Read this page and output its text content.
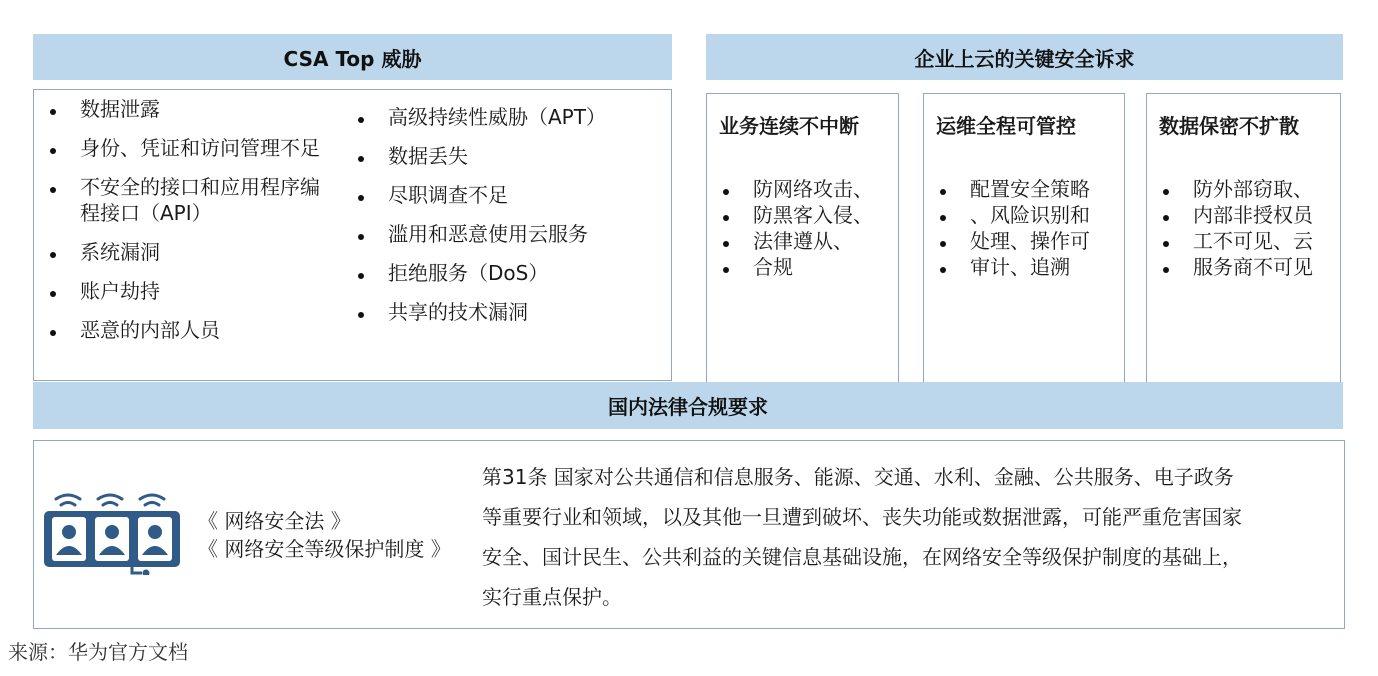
CSA Top 威胁
数据泄露
身份、凭证和访问管理不足
不安全的接口和应用程序编程接口（API）
系统漏洞
账户劫持
恶意的内部人员
高级持续性威胁（APT）
数据丢失
尽职调查不足
滥用和恶意使用云服务
拒绝服务（DoS）
共享的技术漏洞
企业上云的关键安全诉求
业务连续不中断
防网络攻击、
防黑客入侵、
法律遵从、
合规
运维全程可管控
配置安全策略
、风险识别和
处理、操作可
审计、追溯
数据保密不扩散
防外部窃取、
内部非授权员
工不可见、云
服务商不可见
国内法律合规要求
《 网络安全法 》
《 网络安全等级保护制度 》
第31条 国家对公共通信和信息服务、能源、交通、水利、金融、公共服务、电子政务
等重要行业和领域，以及其他一旦遭到破坏、丧失功能或数据泄露，可能严重危害国家
安全、国计民生、公共利益的关键信息基础设施，在网络安全等级保护制度的基础上，
实行重点保护。
来源：华为官方文档
